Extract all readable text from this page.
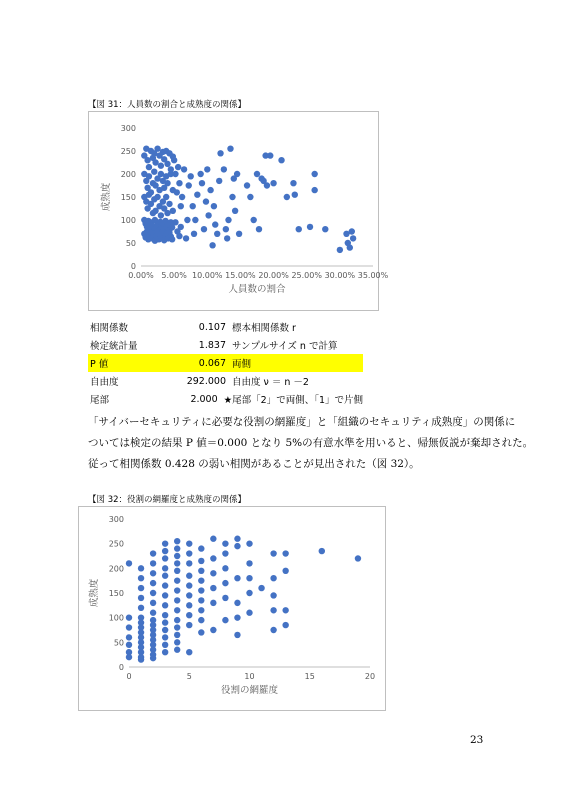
【図 31：人員数の割合と成熟度の関係】
0
50
100
150
200
250
300
0.00% 5.00% 10.00% 15.00% 20.00% 25.00% 30.00% 35.00%
人員数の割合
成熟度
相関係数	0.107 標本相関係数 r
検定統計量	1.837 サンプルサイズ n で計算
P 値	0.067 両側
自由度	292.000 自由度 ν ＝ n －2
尾部	2.000 ★尾部「2」で両側、「1」で片側

「サイバーセキュリティに必要な役割の網羅度」と「組織のセキュリティ成熟度」の関係に

ついては検定の結果 P 値＝0.000 となり 5%の有意水準を用いると、帰無仮説が棄却された。

従って相関係数 0.428 の弱い相関があることが見出された（図 32）。

【図 32：役割の網羅度と成熟度の関係】
0
50
100
150
200
250
300
0	5	10	15	20
役割の網羅度
成熟度
23
